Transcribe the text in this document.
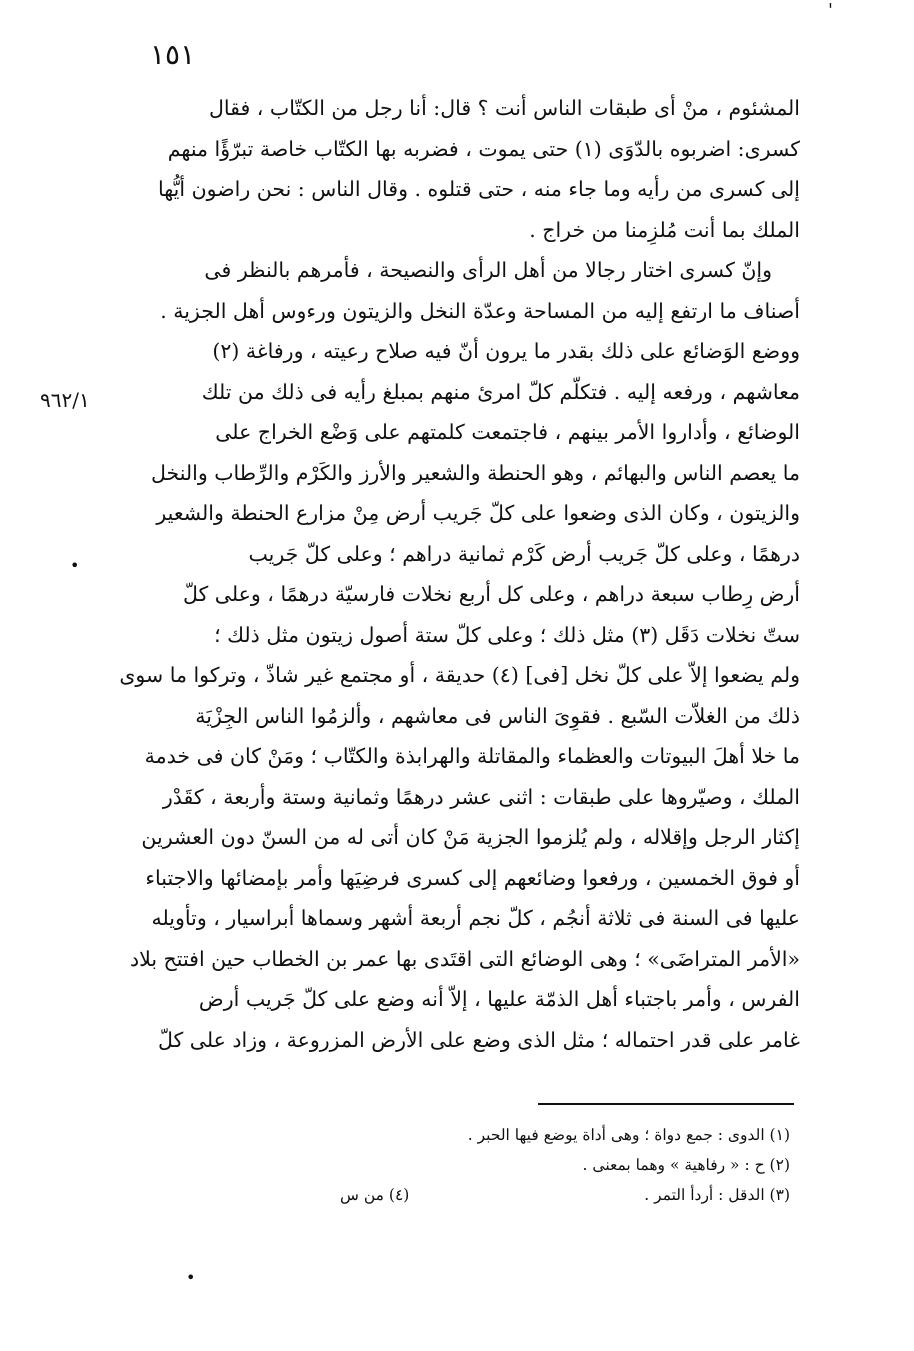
'
١٥١
٩٦٢/١
•
المشئوم ، منْ أى طبقات الناس أنت ؟ قال: أنا رجل من الكتّاب ، فقال
كسرى: اضربوه بالدّوَى (١) حتى يموت ، فضربه بها الكتّاب خاصة تبرّؤًا منهم
إلى كسرى من رأيه وما جاء منه ، حتى قتلوه . وقال الناس : نحن راضون أيُّها
الملك بما أنت مُلزِمنا من خراج .
وإنّ كسرى اختار رجالا من أهل الرأى والنصيحة ، فأمرهم بالنظر فى
أصناف ما ارتفع إليه من المساحة وعدّة النخل والزيتون ورءوس أهل الجزية .
ووضع الوَضائع على ذلك بقدر ما يرون أنّ فيه صلاح رعيته ، ورفاغة (٢)
معاشهم ، ورفعه إليه . فتكلّم كلّ امرئ منهم بمبلغ رأيه فى ذلك من تلك
الوضائع ، وأداروا الأمر بينهم ، فاجتمعت كلمتهم على وَضْع الخراج على
ما يعصم الناس والبهائم ، وهو الحنطة والشعير والأرز والكَرْم والرِّطاب والنخل
والزيتون ، وكان الذى وضعوا على كلّ جَريب أرض مِنْ مزارع الحنطة والشعير
درهمًا ، وعلى كلّ جَريب أرض كَرْم ثمانية دراهم ؛ وعلى كلّ جَريب
أرض رِطاب سبعة دراهم ، وعلى كل أربع نخلات فارسيّة درهمًا ، وعلى كلّ
ستّ نخلات دَقَل (٣) مثل ذلك ؛ وعلى كلّ ستة أصول زيتون مثل ذلك ؛
ولم يضعوا إلاّ على كلّ نخل [فى] (٤) حديقة ، أو مجتمع غير شاذّ ، وتركوا ما سوى
ذلك من الغلاّت السّبع . فقوِىَ الناس فى معاشهم ، وألزمُوا الناس الجِزْيَة
ما خلا أهلَ البيوتات والعظماء والمقاتلة والهرابذة والكتّاب ؛ ومَنْ كان فى خدمة
الملك ، وصيّروها على طبقات : اثنى عشر درهمًا وثمانية وستة وأربعة ، كقَدْر
إكثار الرجل وإقلاله ، ولم يُلزموا الجزية مَنْ كان أتى له من السنّ دون العشرين
أو فوق الخمسين ، ورفعوا وضائعهم إلى كسرى فرضِيَها وأمر بإمضائها والاجتباء
عليها فى السنة فى ثلاثة أنجُم ، كلّ نجم أربعة أشهر وسماها أبراسيار ، وتأويله
«الأمر المتراضَى» ؛ وهى الوضائع التى اقتَدى بها عمر بن الخطاب حين افتتح بلاد
الفرس ، وأمر باجتباء أهل الذمّة عليها ، إلاّ أنه وضع على كلّ جَريب أرض
غامر على قدر احتماله ؛ مثل الذى وضع على الأرض المزروعة ، وزاد على كلّ
(١) الدوى : جمع دواة ؛ وهى أداة يوضع فيها الحبر .
(٢) ح : « رفاهية » وهما بمعنى .
(٣) الدقل : أردأ التمر .
(٤) من س
•
